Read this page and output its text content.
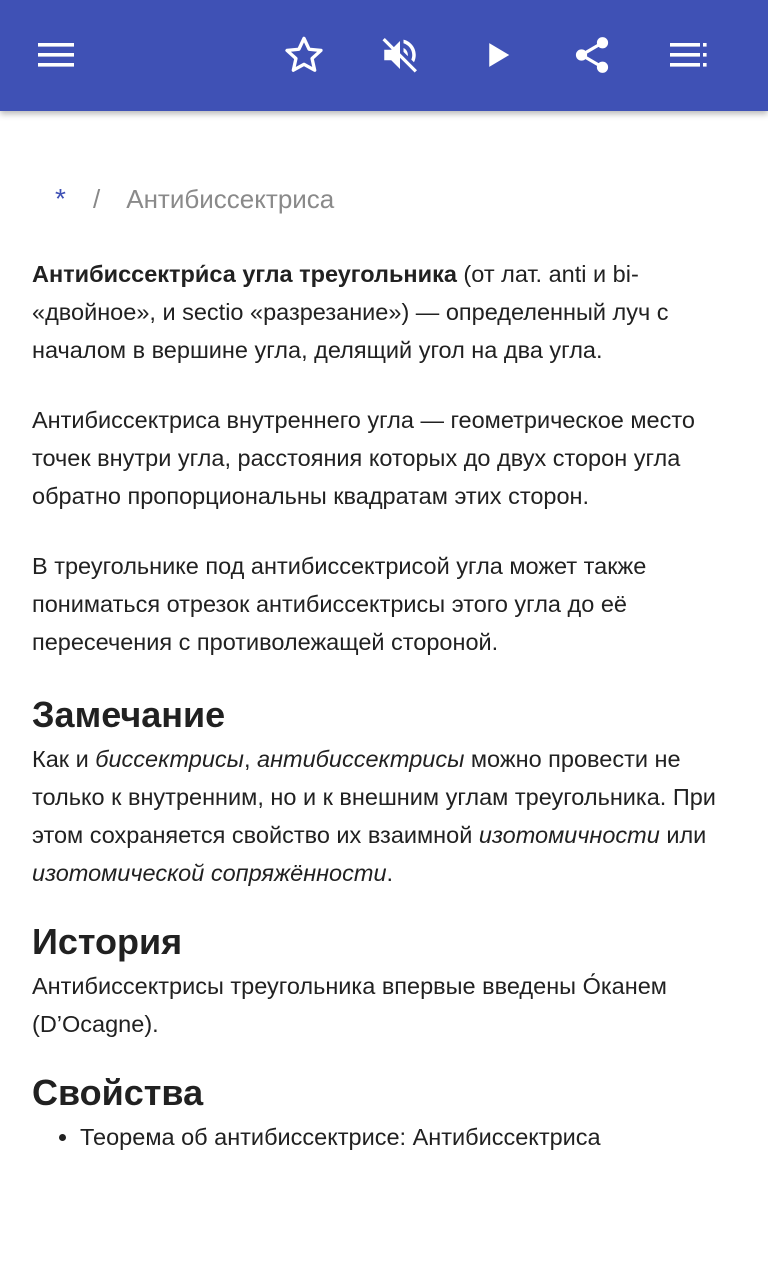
*	/ Антибиссектриса

Антибиссектри́са угла треугольника (от лат. anti и bi- «двойное», и sectio «разрезание») — определенный луч с началом в вершине угла, делящий угол на два угла.

Антибиссектриса внутреннего угла — геометрическое место точек внутри угла, расстояния которых до двух сторон угла обратно пропорциональны квадратам этих сторон.

В треугольнике под антибиссектрисой угла может также пониматься отрезок антибиссектрисы этого угла до её пересечения с противолежащей стороной.

Замечание

Как и биссектрисы, антибиссектрисы можно провести не только к внутренним, но и к внешним углам треугольника. При этом сохраняется свойство их взаимной изотомичности или изотомической сопряжённости.

История

Антибиссектрисы треугольника впервые введены О́канем (D’Ocagne).

Свойства
• Теорема об антибиссектрисе: Антибиссектриса
